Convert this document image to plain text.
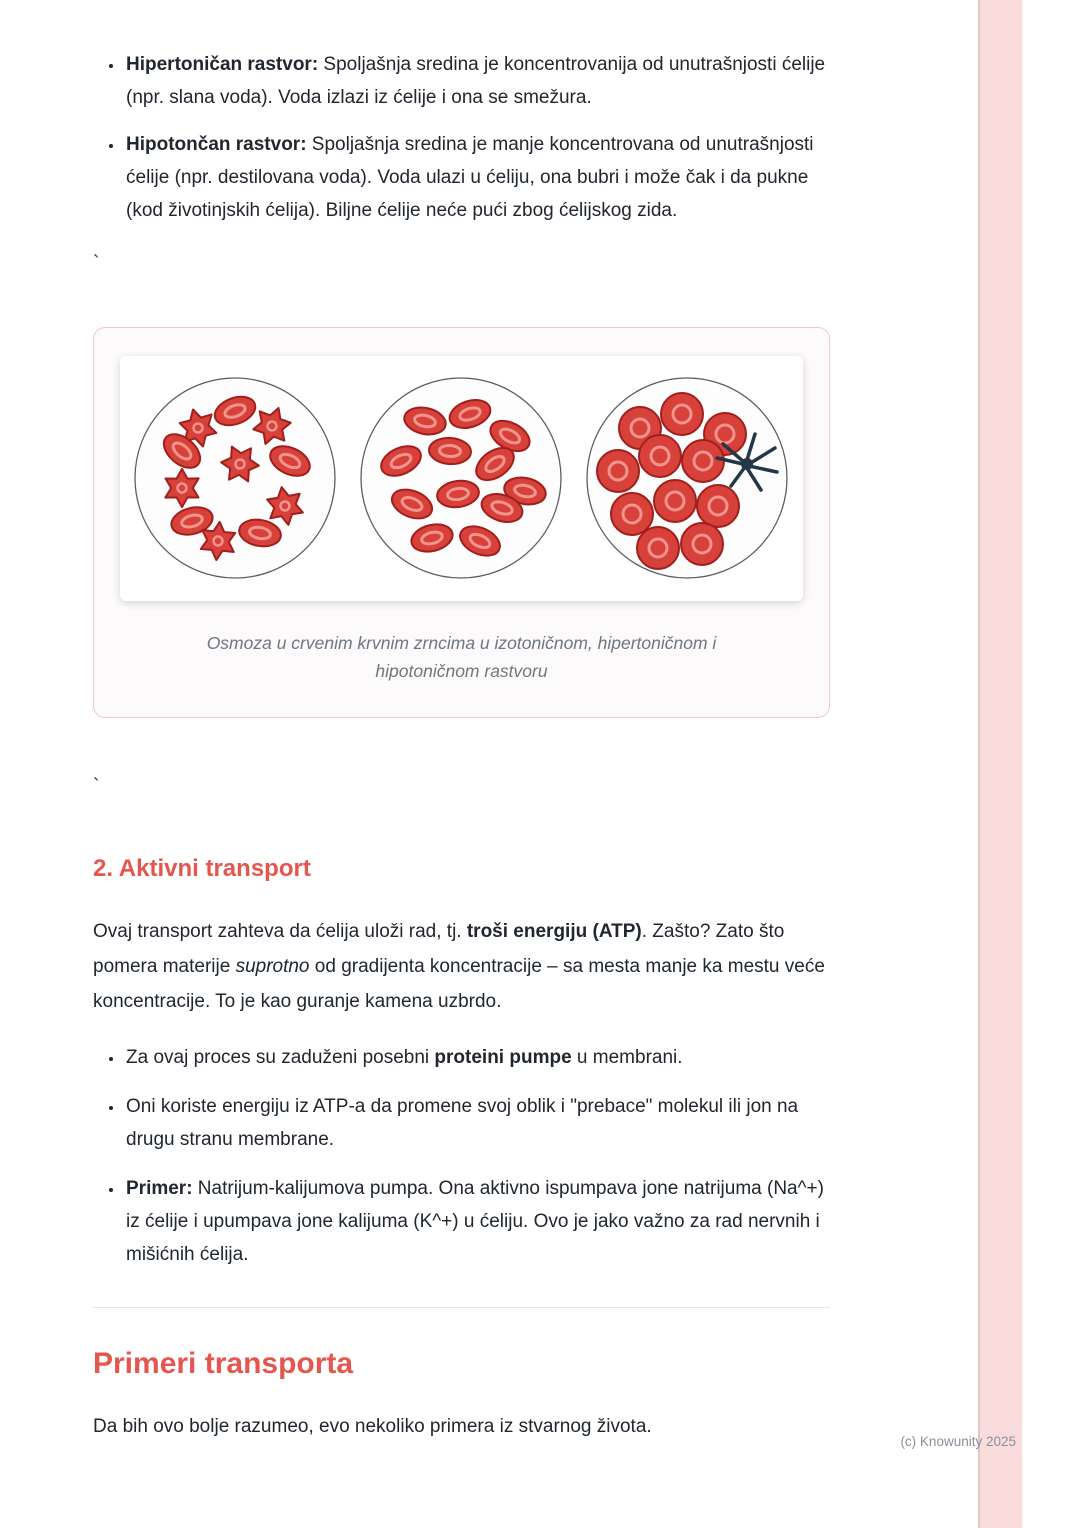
• Hipertoničan rastvor: Spoljašnja sredina je koncentrovanija od unutrašnjosti ćelije (npr. slana voda). Voda izlazi iz ćelije i ona se smežura.
• Hipotončan rastvor: Spoljašnja sredina je manje koncentrovana od unutrašnjosti ćelije (npr. destilovana voda). Voda ulazi u ćeliju, ona bubri i može čak i da pukne (kod životinjskih ćelija). Biljne ćelije neće pući zbog ćelijskog zida.
`
Osmoza u crvenim krvnim zrncima u izotoničnom, hipertoničnom i hipotoničnom rastvoru
`
2. Aktivni transport

Ovaj transport zahteva da ćelija uloži rad, tj. troši energiju (ATP). Zašto? Zato što pomera materije suprotno od gradijenta koncentracije – sa mesta manje ka mestu veće koncentracije. To je kao guranje kamena uzbrdo.

• Za ovaj proces su zaduženi posebni proteini pumpe u membrani.
• Oni koriste energiju iz ATP-a da promene svoj oblik i "prebace" molekul ili jon na drugu stranu membrane.
• Primer: Natrijum-kalijumova pumpa. Ona aktivno ispumpava jone natrijuma (Na^+) iz ćelije i upumpava jone kalijuma (K^+) u ćeliju. Ovo je jako važno za rad nervnih i mišićnih ćelija.
Primeri transporta

Da bih ovo bolje razumeo, evo nekoliko primera iz stvarnog života.

(c) Knowunity 2025
